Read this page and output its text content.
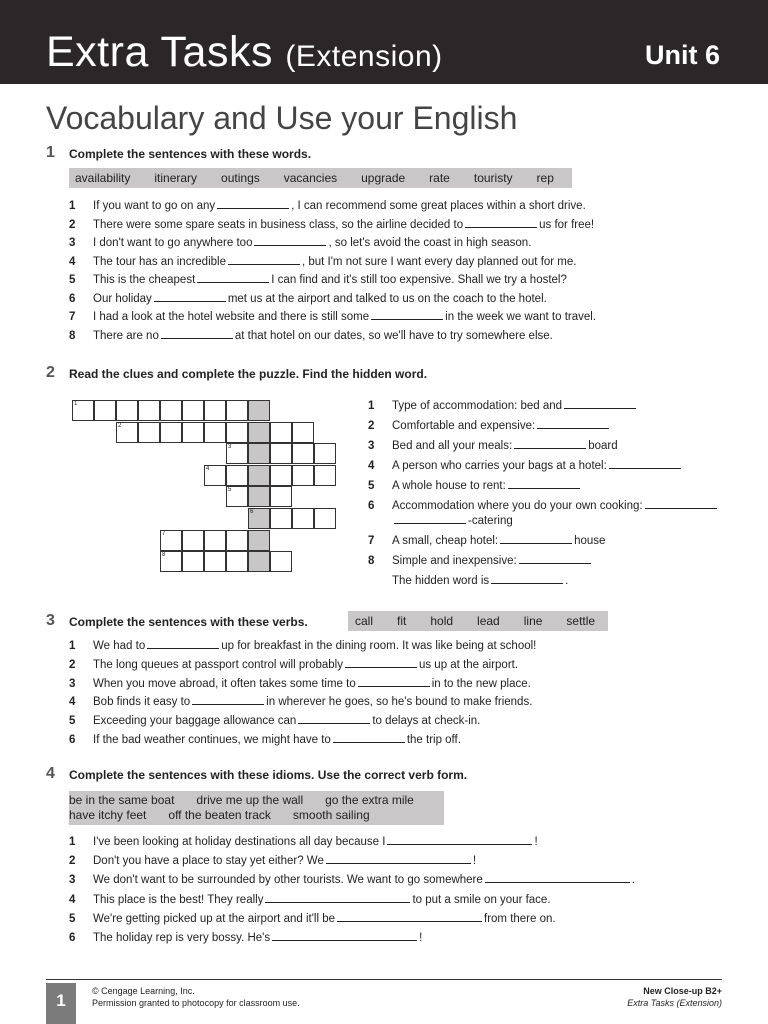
Extra Tasks (Extension)	Unit 6
Vocabulary and Use your English
1 Complete the sentences with these words.
availability itinerary outings vacancies upgrade rate touristy rep
1 If you want to go on any	, I can recommend some great places within a short drive.
2 There were some spare seats in business class, so the airline decided to	us for free!
3 I don't want to go anywhere too	, so let's avoid the coast in high season.
4 The tour has an incredible	, but I'm not sure I want every day planned out for me.
5 This is the cheapest	I can find and it's still too expensive. Shall we try a hostel?
6 Our holiday	met us at the airport and talked to us on the coach to the hotel.
7 I had a look at the hotel website and there is still some	in the week we want to travel.
8 There are no	at that hotel on our dates, so we'll have to try somewhere else.
2 Read the clues and complete the puzzle. Find the hidden word.
1
2
3
4
5
6
7
8
1 Type of accommodation: bed and
2 Comfortable and expensive:
3 Bed and all your meals:	board
4 A person who carries your bags at a hotel:
5 A whole house to rent:
6 Accommodation where you do your own cooking:
-catering
7 A small, cheap hotel:	house
8 Simple and inexpensive:
The hidden word is	.
3 Complete the sentences with these verbs.	call fit hold lead line settle
1 We had to	up for breakfast in the dining room. It was like being at school!
2 The long queues at passport control will probably	us up at the airport.
3 When you move abroad, it often takes some time to	in to the new place.
4 Bob finds it easy to	in wherever he goes, so he's bound to make friends.
5 Exceeding your baggage allowance can	to delays at check-in.
6 If the bad weather continues, we might have to	the trip off.
4 Complete the sentences with these idioms. Use the correct verb form.
be in the same boat drive me up the wall go the extra mile
have itchy feet off the beaten track smooth sailing
1 I've been looking at holiday destinations all day because I	!
2 Don't you have a place to stay yet either? We	!
3 We don't want to be surrounded by other tourists. We want to go somewhere	.
4 This place is the best! They really	to put a smile on your face.
5 We're getting picked up at the airport and it'll be	from there on.
6 The holiday rep is very bossy. He's	!
1	© Cengage Learning, Inc.
Permission granted to photocopy for classroom use.
New Close-up B2+
Extra Tasks (Extension)
